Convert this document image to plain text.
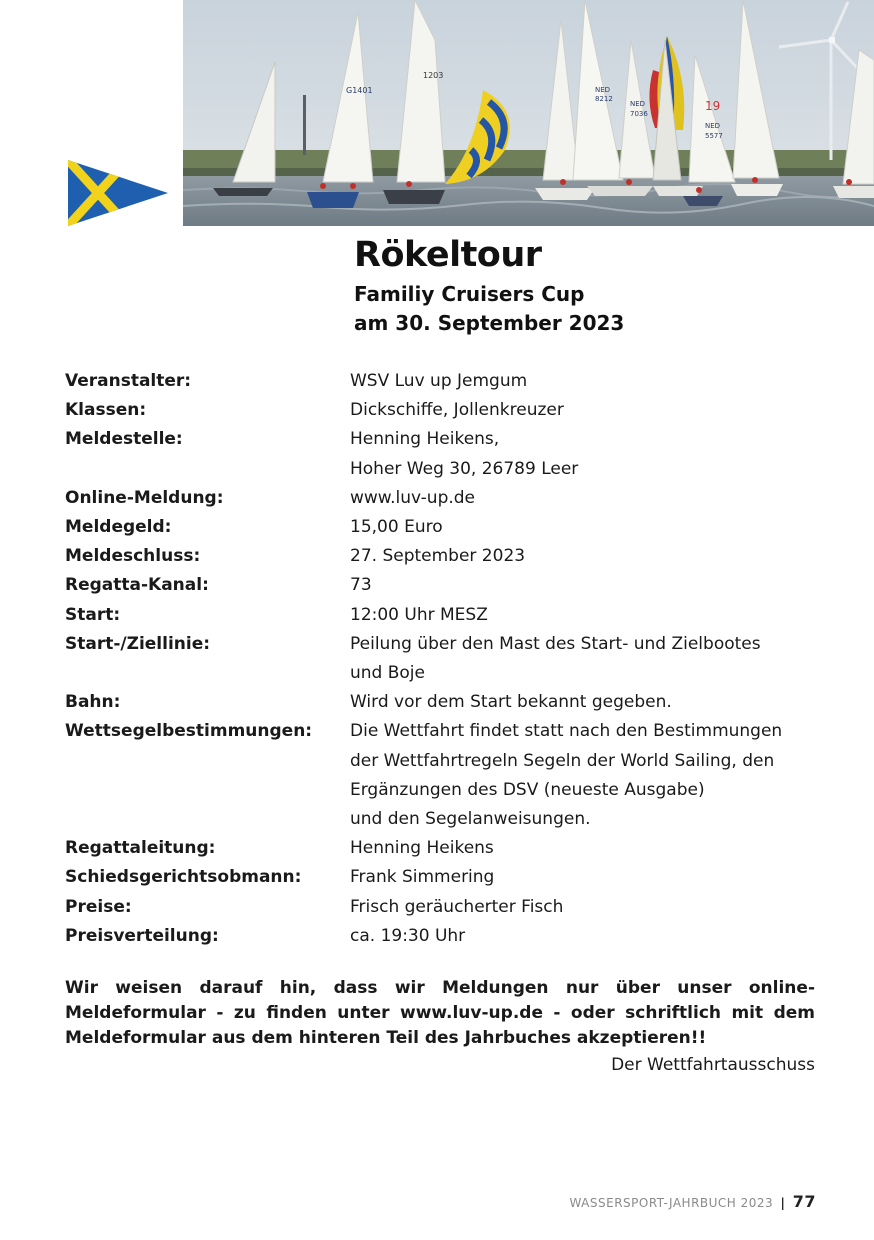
G1401
1203
NED
8212
NED
7036
19
NED
5577
Rökeltour
Familiy Cruisers Cup
am 30. September 2023
Veranstalter:	WSV Luv up Jemgum
Klassen:	Dickschiffe, Jollenkreuzer
Meldestelle:	Henning Heikens,
Hoher Weg 30, 26789 Leer
Online-Meldung:	www.luv-up.de
Meldegeld:	15,00 Euro
Meldeschluss:	27. September 2023
Regatta-Kanal:	73
Start:	12:00 Uhr MESZ
Start-/Ziellinie:	Peilung über den Mast des Start- und Zielbootes
und Boje
Bahn:	Wird vor dem Start bekannt gegeben.
Wettsegelbestimmungen:	Die Wettfahrt findet statt nach den Bestimmungen
der Wettfahrtregeln Segeln der World Sailing, den
Ergänzungen des DSV (neueste Ausgabe)
und den Segelanweisungen.
Regattaleitung:	Henning Heikens
Schiedsgerichtsobmann:	Frank Simmering
Preise:	Frisch geräucherter Fisch
Preisverteilung:	ca. 19:30 Uhr
Wir weisen darauf hin, dass wir Meldungen nur über unser online-Meldeformular - zu finden unter www.luv-up.de - oder schriftlich mit dem Meldeformular aus dem hinteren Teil des Jahrbuches akzeptieren!!
Der Wettfahrtausschuss
WASSERSPORT-JAHRBUCH 2023 | 77
